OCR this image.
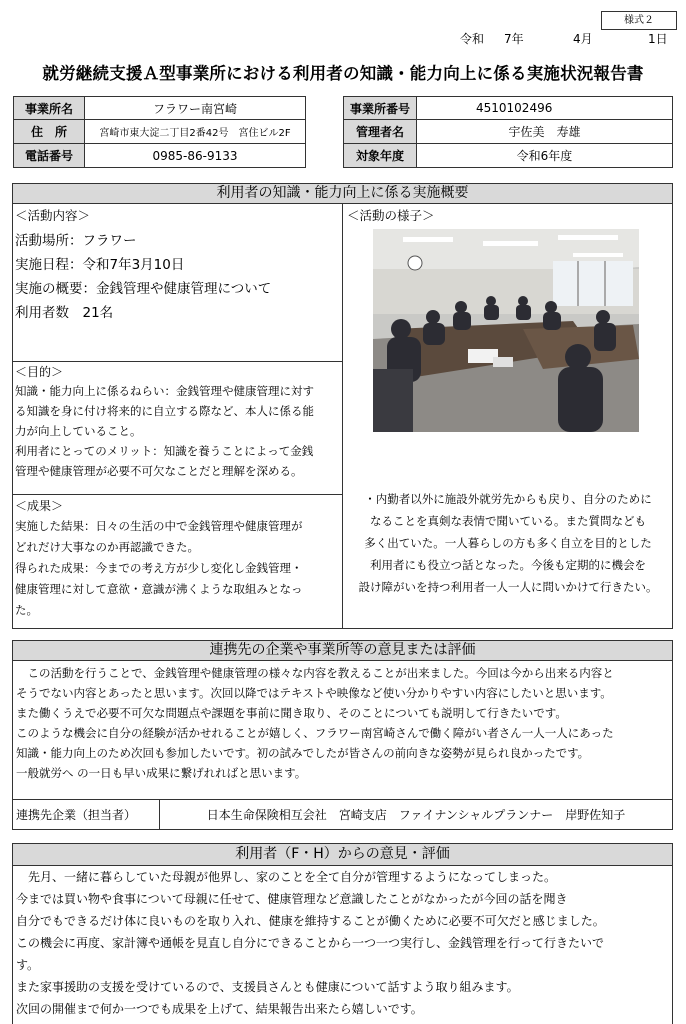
様式２
令和 7年	4月	1日
就労継続支援Ａ型事業所における利用者の知識・能力向上に係る実施状況報告書
事業所名	フラワー南宮崎
住　所	宮崎市東大淀二丁目2番42号　宮住ビル2F
電話番号	0985-86-9133
事業所番号	4510102496
管理者名	宇佐美　寿雄
対象年度	令和6年度
利用者の知識・能力向上に係る実施概要
＜活動内容＞
活動場所：フラワー
実施日程：令和7年3月10日
実施の概要：金銭管理や健康管理について
利用者数　21名
＜活動の様子＞
＜目的＞

知識・能力向上に係るねらい：金銭管理や健康管理に対す

る知識を身に付け将来的に自立する際など、本人に係る能

力が向上していること。

利用者にとってのメリット：知識を養うことによって金銭

管理や健康管理が必要不可欠なことだと理解を深める。

＜成果＞

実施した結果：日々の生活の中で金銭管理や健康管理が

どれだけ大事なのか再認識できた。

得られた成果：今までの考え方が少し変化し金銭管理・

健康管理に対して意欲・意識が沸くような取組みとなっ

た。

・内勤者以外に施設外就労先からも戻り、自分のために

なることを真剣な表情で聞いている。また質問なども

多く出ていた。一人暮らしの方も多く自立を目的とした

利用者にも役立つ話となった。今後も定期的に機会を

設け障がいを持つ利用者一人一人に問いかけて行きたい。

連携先の企業や事業所等の意見または評価

　この活動を行うことで、金銭管理や健康管理の様々な内容を教えることが出来ました。今回は今から出来る内容と

そうでない内容とあったと思います。次回以降ではテキストや映像など使い分かりやすい内容にしたいと思います。

また働くうえで必要不可欠な問題点や課題を事前に聞き取り、そのことについても説明して行きたいです。

このような機会に自分の経験が活かせれることが嬉しく、フラワー南宮崎さんで働く障がい者さん一人一人にあった

知識・能力向上のため次回も参加したいです。初の試みでしたが皆さんの前向きな姿勢が見られ良かったです。

一般就労へ の一日も早い成果に繋げれればと思います。

連携先企業（担当者）	日本生命保険相互会社　宮崎支店　ファイナンシャルプランナー　岸野佐知子
利用者（F・H）からの意見・評価

　先月、一緒に暮らしていた母親が他界し、家のことを全て自分が管理するようになってしまった。

今までは買い物や食事について母親に任せて、健康管理など意識したことがなかったが今回の話を聞き

自分でもできるだけ体に良いものを取り入れ、健康を維持することが働くために必要不可欠だと感じました。

この機会に再度、家計簿や通帳を見直し自分にできることから一つ一つ実行し、金銭管理を行って行きたいで

す。

また家事援助の支援を受けているので、支援員さんとも健康について話すよう取り組みます。

次回の開催まで何か一つでも成果を上げて、結果報告出来たら嬉しいです。
